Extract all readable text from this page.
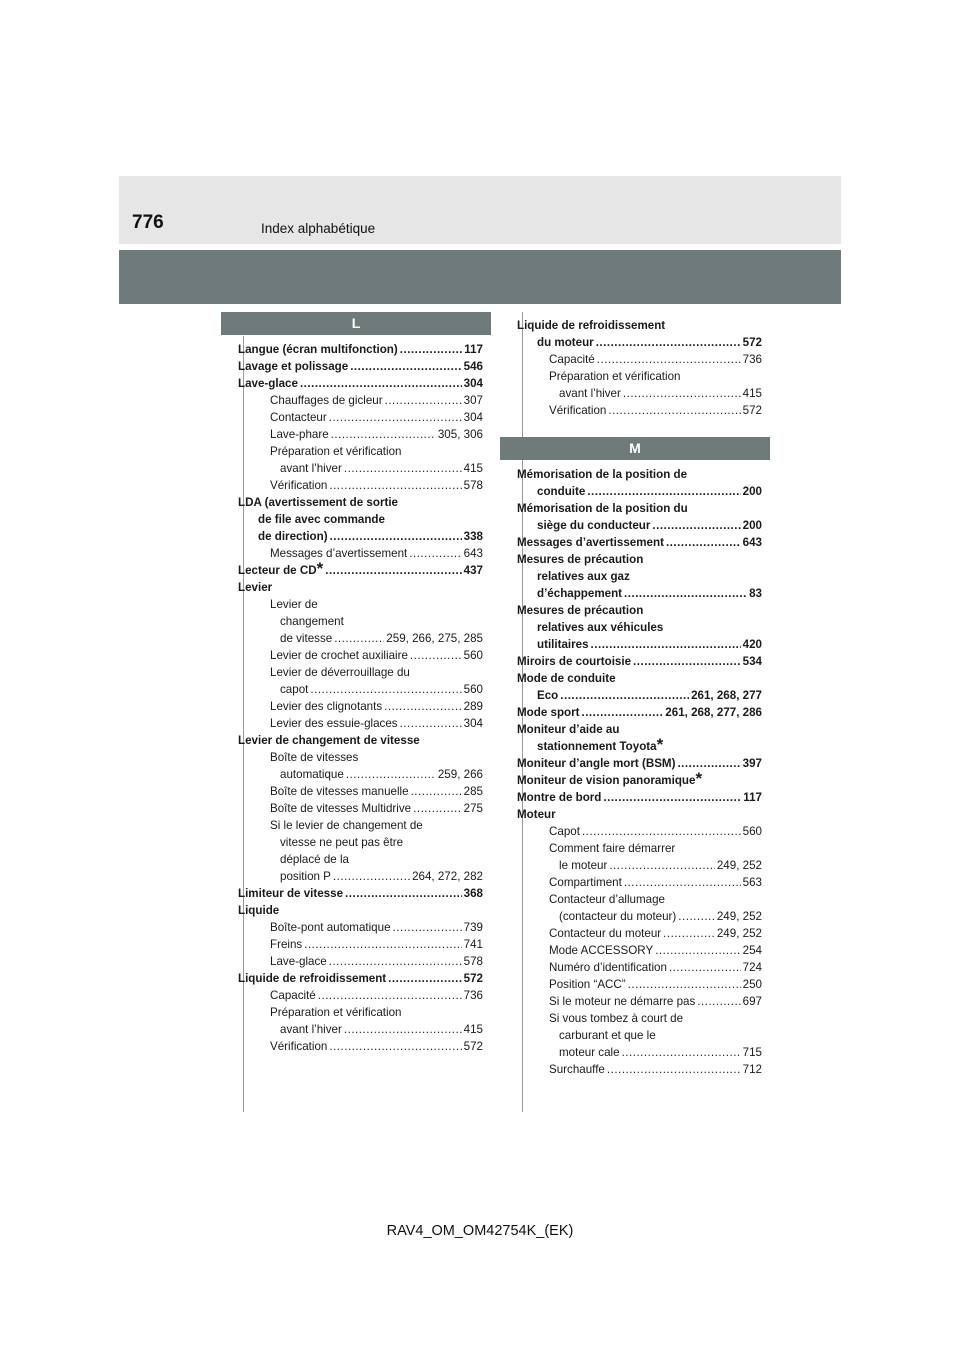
776	Index alphabétique
L
Langue (écran multifonction) .....	117
Lavage et polissage .....	546
Lave-glace .....	304
Chauffages de gicleur .....	307
Contacteur .....	304
Lave-phare .....	305, 306
Préparation et vérification
avant l’hiver .....	415
Vérification .....	578
LDA (avertissement de sortie
de file avec commande
de direction) .....	338
Messages d’avertissement .....	643
Lecteur de CD * .....	437
Levier
Levier de
changement
de vitesse .....	259, 266, 275, 285
Levier de crochet auxiliaire .....	560
Levier de déverrouillage du
capot .....	560
Levier des clignotants .....	289
Levier des essuie-glaces .....	304
Levier de changement de vitesse
Boîte de vitesses
automatique .....	259, 266
Boîte de vitesses manuelle .....	285
Boîte de vitesses Multidrive .....	275
Si le levier de changement de
vitesse ne peut pas être
déplacé de la
position P .....	264, 272, 282
Limiteur de vitesse .....	368
Liquide
Boîte-pont automatique .....	739
Freins .....	741
Lave-glace .....	578
Liquide de refroidissement .....	572
Capacité .....	736
Préparation et vérification
avant l’hiver .....	415
Vérification .....	572
Liquide de refroidissement
du moteur .....	572
Capacité .....	736
Préparation et vérification
avant l’hiver .....	415
Vérification .....	572
M
Mémorisation de la position de
conduite .....	200
Mémorisation de la position du
siège du conducteur .....	200
Messages d’avertissement .....	643
Mesures de précaution
relatives aux gaz
d’échappement .....	83
Mesures de précaution
relatives aux véhicules
utilitaires .....	420
Miroirs de courtoisie .....	534
Mode de conduite
Eco .....	261, 268, 277
Mode sport .....	261, 268, 277, 286
Moniteur d’aide au
stationnement Toyota *
Moniteur d’angle mort (BSM) .....	397
Moniteur de vision panoramique *
Montre de bord .....	117
Moteur
Capot .....	560
Comment faire démarrer
le moteur .....	249, 252
Compartiment .....	563
Contacteur d’allumage
(contacteur du moteur) .....	249, 252
Contacteur du moteur .....	249, 252
Mode ACCESSORY .....	254
Numéro d’identification .....	724
Position “ACC” .....	250
Si le moteur ne démarre pas .....	697
Si vous tombez à court de
carburant et que le
moteur cale .....	715
Surchauffe .....	712
RAV4_OM_OM42754K_(EK)
